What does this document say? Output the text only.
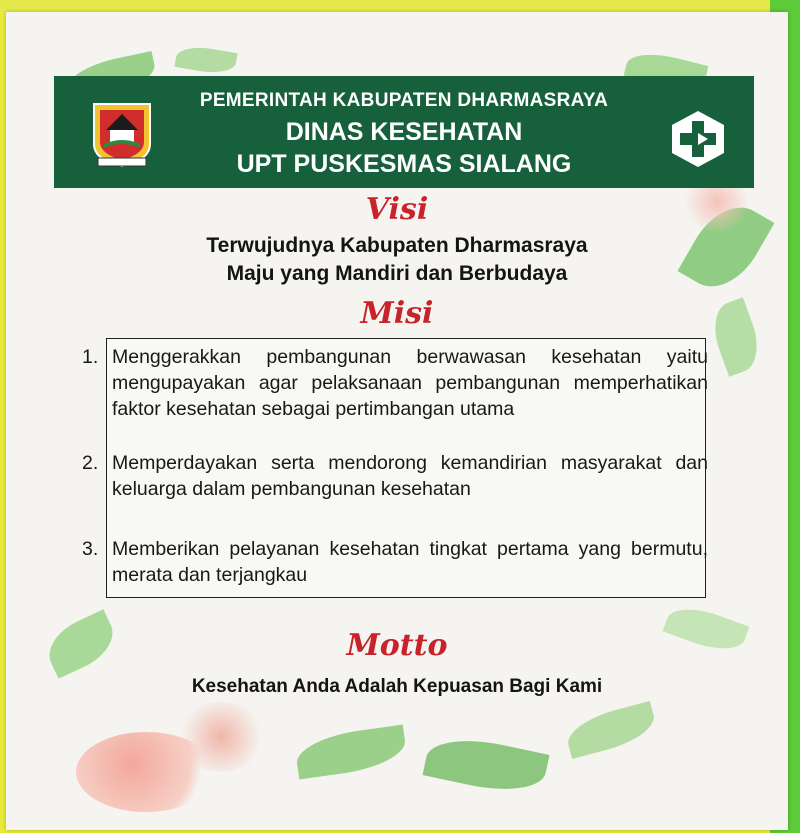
PEMERINTAH KABUPATEN DHARMASRAYA
DINAS KESEHATAN
UPT PUSKESMAS SIALANG
Visi
Terwujudnya Kabupaten Dharmasraya
Maju yang Mandiri dan Berbudaya
Misi
1. Menggerakkan pembangunan berwawasan kesehatan yaitu mengupayakan agar pelaksanaan pembangunan memperhatikan faktor kesehatan sebagai pertimbangan utama
2. Memperdayakan serta mendorong kemandirian masyarakat dan keluarga dalam pembangunan kesehatan
3. Memberikan pelayanan kesehatan tingkat pertama yang bermutu, merata dan terjangkau
Motto
Kesehatan Anda Adalah Kepuasan Bagi Kami
